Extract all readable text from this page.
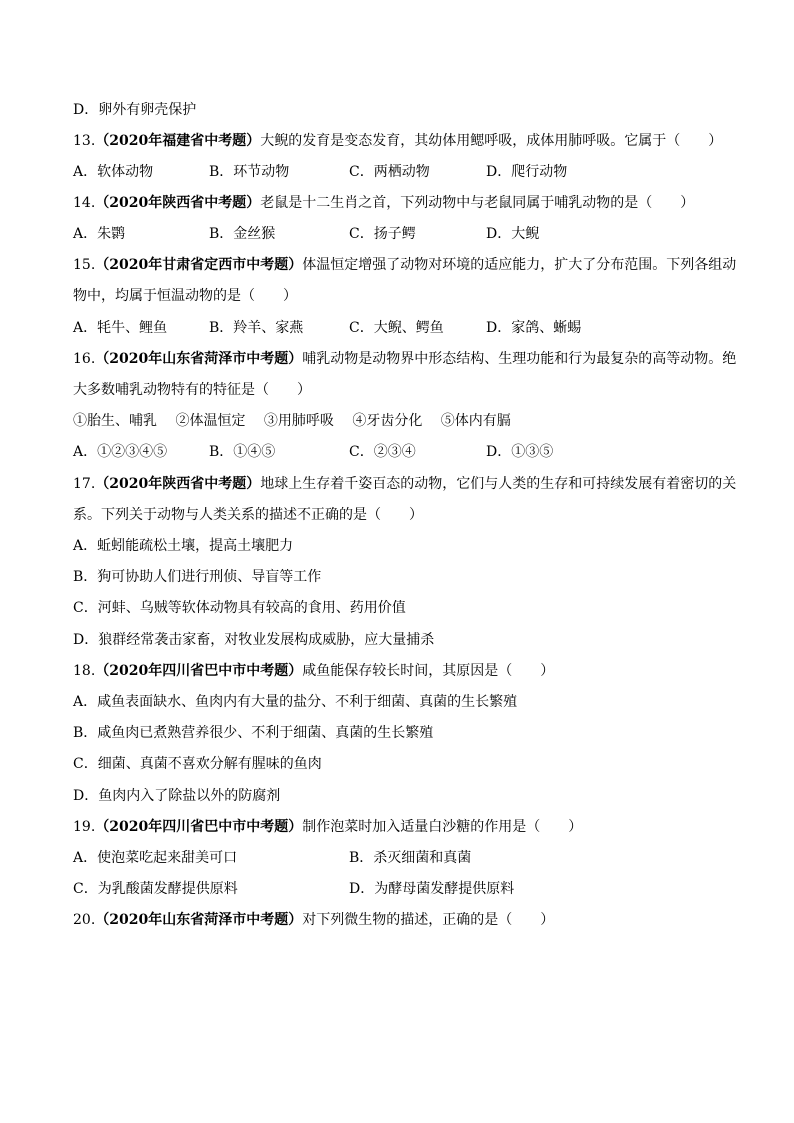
D．卵外有卵壳保护
13.（2020年福建省中考题）大鲵的发育是变态发育，其幼体用鳃呼吸，成体用肺呼吸。它属于（　　）
A．软体动物	B．环节动物	C．两栖动物	D．爬行动物
14.（2020年陕西省中考题）老鼠是十二生肖之首，下列动物中与老鼠同属于哺乳动物的是（　　）
A．朱鹮	B．金丝猴	C．扬子鳄	D．大鲵
15.（2020年甘肃省定西市中考题）体温恒定增强了动物对环境的适应能力，扩大了分布范围。下列各组动
物中，均属于恒温动物的是（　　）
A．牦牛、鲤鱼	B．羚羊、家燕	C．大鲵、鳄鱼	D．家鸽、蜥蜴
16.（2020年山东省菏泽市中考题）哺乳动物是动物界中形态结构、生理功能和行为最复杂的高等动物。绝
大多数哺乳动物特有的特征是（　　）
①胎生、哺乳　 ②体温恒定　 ③用肺呼吸　 ④牙齿分化　 ⑤体内有膈
A．①②③④⑤	B．①④⑤	C．②③④	D．①③⑤
17.（2020年陕西省中考题）地球上生存着千姿百态的动物，它们与人类的生存和可持续发展有着密切的关
系。下列关于动物与人类关系的描述不正确的是（　　）
A．蚯蚓能疏松土壤，提高土壤肥力
B．狗可协助人们进行刑侦、导盲等工作
C．河蚌、乌贼等软体动物具有较高的食用、药用价值
D．狼群经常袭击家畜，对牧业发展构成威胁，应大量捕杀
18.（2020年四川省巴中市中考题）咸鱼能保存较长时间，其原因是（　　）
A．咸鱼表面缺水、鱼肉内有大量的盐分、不利于细菌、真菌的生长繁殖
B．咸鱼肉已煮熟营养很少、不利于细菌、真菌的生长繁殖
C．细菌、真菌不喜欢分解有腥味的鱼肉
D．鱼肉内入了除盐以外的防腐剂
19.（2020年四川省巴中市中考题）制作泡菜时加入适量白沙糖的作用是（　　）
A．使泡菜吃起来甜美可口	B．杀灭细菌和真菌
C．为乳酸菌发酵提供原料	D．为酵母菌发酵提供原料
20.（2020年山东省菏泽市中考题）对下列微生物的描述，正确的是（　　）
